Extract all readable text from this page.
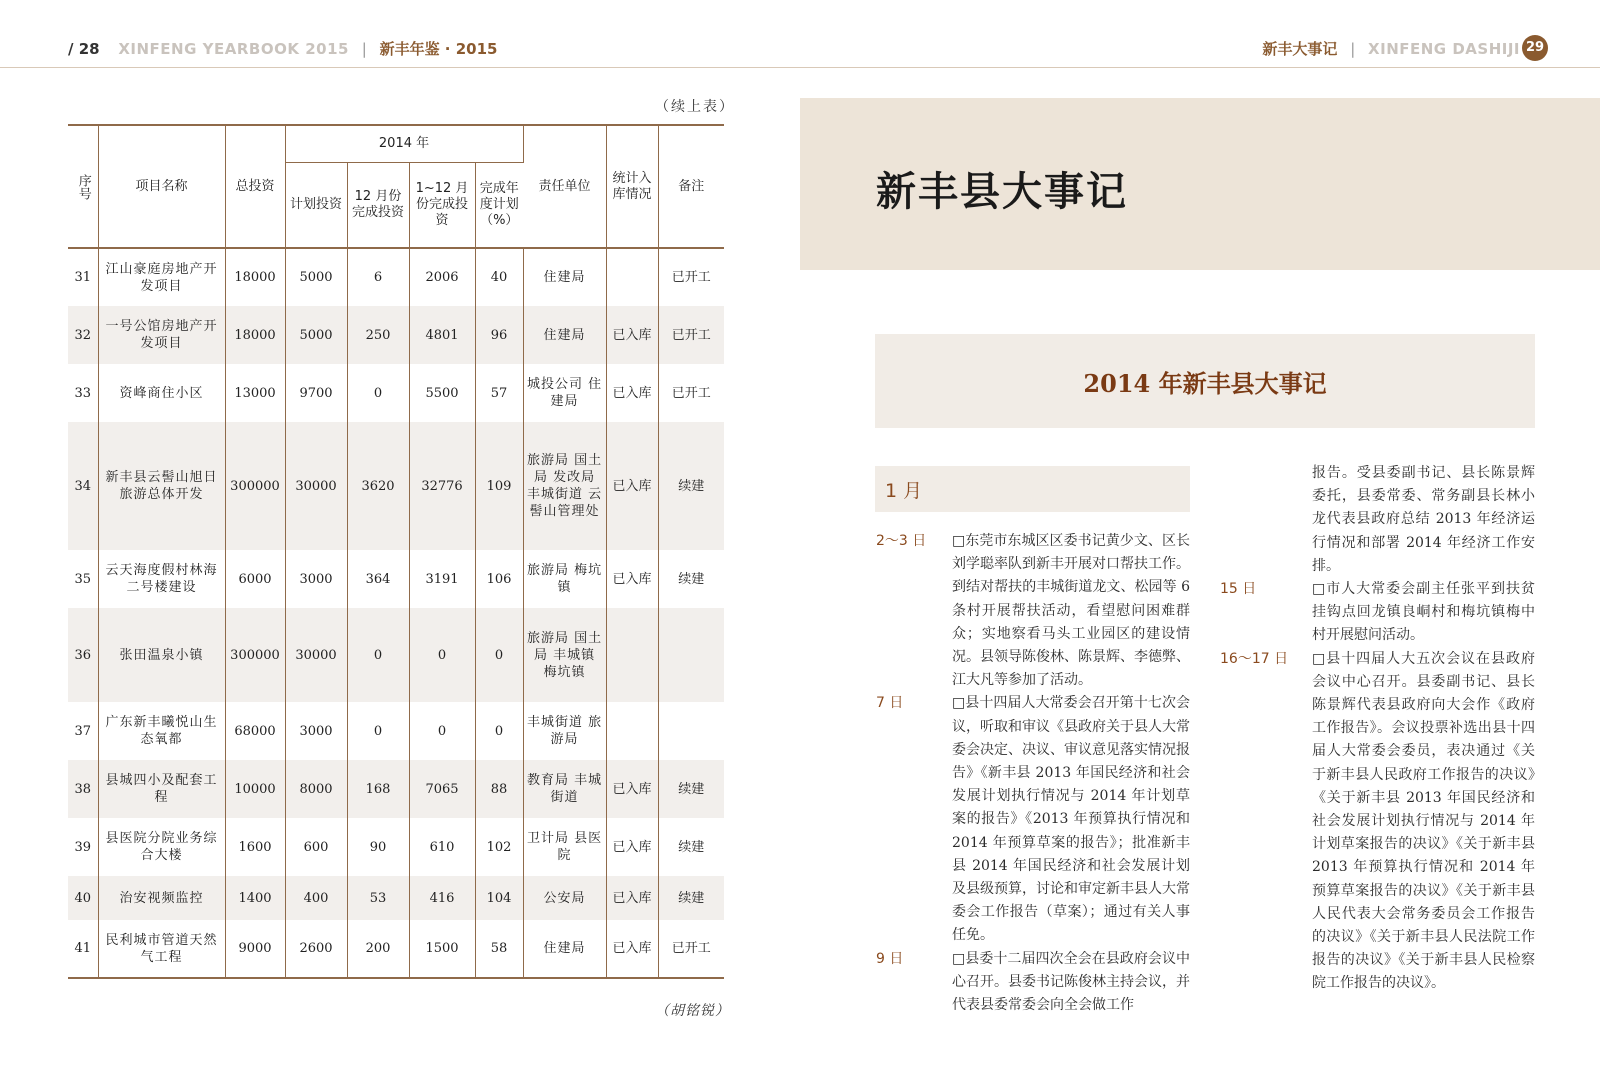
/ 28 XINFENG YEARBOOK 2015 | 新丰年鉴 · 2015	新丰大事记 | XINFENG DASHIJI 29
（续上表）
序号	项目名称	总投资	2014 年				责任单位	统计入库情况	备注
			计划投资	12 月份完成投资	1~12 月份完成投资	完成年度计划（%）			
31	江山豪庭房地产开发项目	18000	5000	6	2006	40	住建局		已开工
32	一号公馆房地产开发项目	18000	5000	250	4801	96	住建局	已入库	已开工
33	资峰商住小区	13000	9700	0	5500	57	城投公司 住建局	已入库	已开工
34	新丰县云髻山旭日旅游总体开发	300000	30000	3620	32776	109	旅游局 国土局 发改局 丰城街道 云髻山管理处	已入库	续建
35	云天海度假村林海二号楼建设	6000	3000	364	3191	106	旅游局 梅坑镇	已入库	续建
36	张田温泉小镇	300000	30000	0	0	0	旅游局 国土局 丰城镇 梅坑镇		
37	广东新丰曦悦山生态氧都	68000	3000	0	0	0	丰城街道 旅游局		
38	县城四小及配套工程	10000	8000	168	7065	88	教育局 丰城街道	已入库	续建
39	县医院分院业务综合大楼	1600	600	90	610	102	卫计局 县医院	已入库	续建
40	治安视频监控	1400	400	53	416	104	公安局	已入库	续建
41	民利城市管道天然气工程	9000	2600	200	1500	58	住建局	已入库	已开工
（胡铭锐）
新丰县大事记
2014 年新丰县大事记
1 月
2～3 日 □东莞市东城区区委书记黄少文、区长刘学聪率队到新丰开展对口帮扶工作。到结对帮扶的丰城街道龙文、松园等 6 条村开展帮扶活动，看望慰问困难群众；实地察看马头工业园区的建设情况。县领导陈俊林、陈景辉、李德弊、江大凡等参加了活动。
7 日	□县十四届人大常委会召开第十七次会议，听取和审议《县政府关于县人大常委会决定、决议、审议意见落实情况报告》《新丰县 2013 年国民经济和社会发展计划执行情况与 2014 年计划草案的报告》《2013 年预算执行情况和 2014 年预算草案的报告》；批准新丰县 2014 年国民经济和社会发展计划及县级预算，讨论和审定新丰县人大常委会工作报告（草案）；通过有关人事任免。
9 日	□县委十二届四次全会在县政府会议中心召开。县委书记陈俊林主持会议，并代表县委常委会向全会做工作
报告。受县委副书记、县长陈景辉委托，县委常委、常务副县长林小龙代表县政府总结 2013 年经济运行情况和部署 2014 年经济工作安排。
15 日	□市人大常委会副主任张平到扶贫挂钩点回龙镇良峒村和梅坑镇梅中村开展慰问活动。
16～17 日 □县十四届人大五次会议在县政府会议中心召开。县委副书记、县长陈景辉代表县政府向大会作《政府工作报告》。会议投票补选出县十四届人大常委会委员，表决通过《关于新丰县人民政府工作报告的决议》《关于新丰县 2013 年国民经济和社会发展计划执行情况与 2014 年计划草案报告的决议》《关于新丰县 2013 年预算执行情况和 2014 年预算草案报告的决议》《关于新丰县人民代表大会常务委员会工作报告的决议》《关于新丰县人民法院工作报告的决议》《关于新丰县人民检察院工作报告的决议》。
